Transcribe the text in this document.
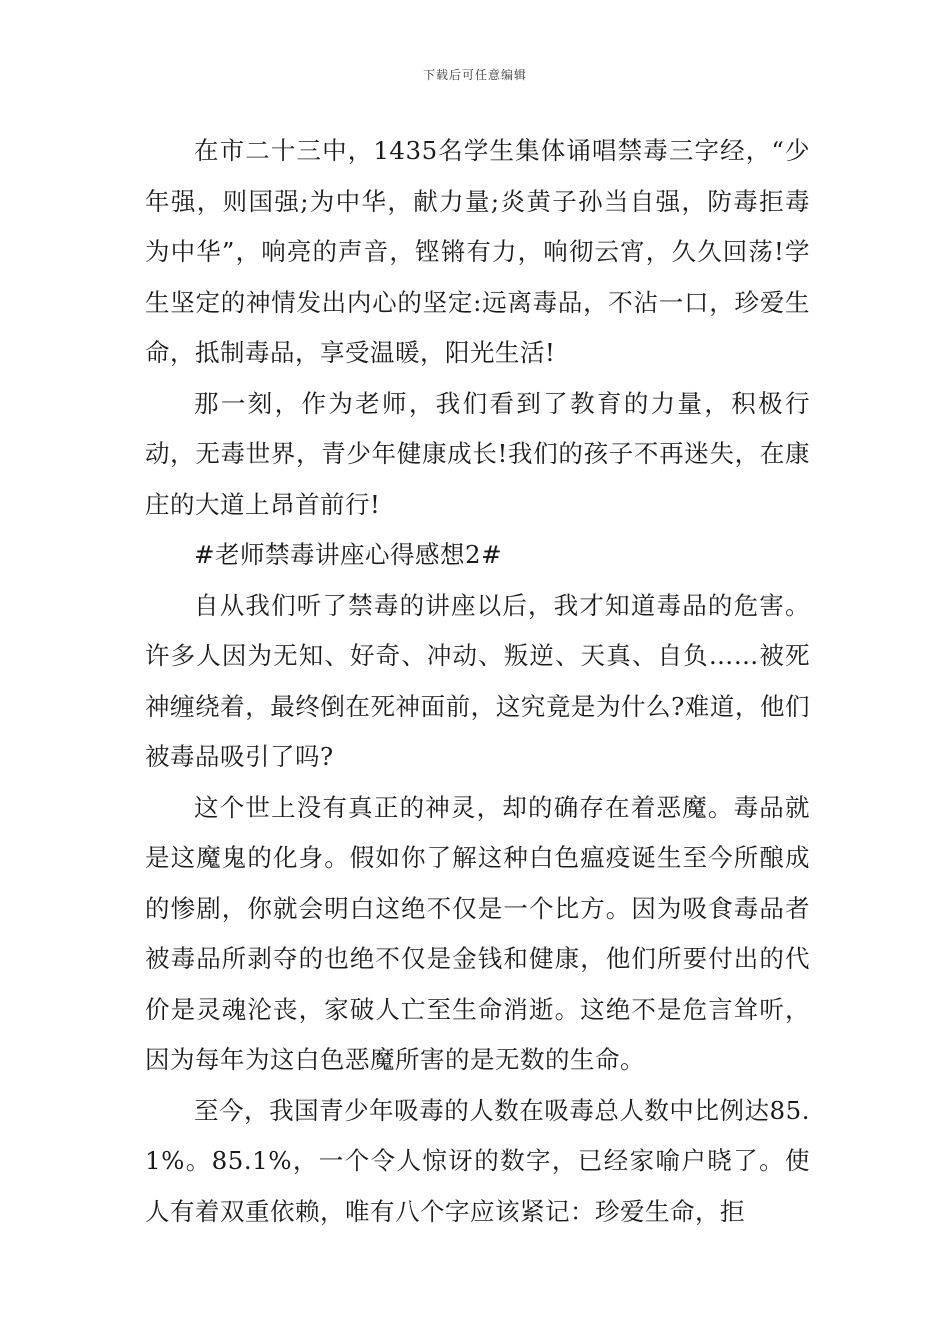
下载后可任意编辑

在市二十三中，1435名学生集体诵唱禁毒三字经，“少年强，则国强;为中华，献力量;炎黄子孙当自强，防毒拒毒为中华”，响亮的声音，铿锵有力，响彻云宵，久久回荡!学生坚定的神情发出内心的坚定:远离毒品，不沾一口，珍爱生命，抵制毒品，享受温暖，阳光生活!

那一刻，作为老师，我们看到了教育的力量，积极行动，无毒世界，青少年健康成长!我们的孩子不再迷失，在康庄的大道上昂首前行!

#老师禁毒讲座心得感想2#

自从我们听了禁毒的讲座以后，我才知道毒品的危害。许多人因为无知、好奇、冲动、叛逆、天真、自负……被死神缠绕着，最终倒在死神面前，这究竟是为什么?难道，他们被毒品吸引了吗?

这个世上没有真正的神灵，却的确存在着恶魔。毒品就是这魔鬼的化身。假如你了解这种白色瘟疫诞生至今所酿成的惨剧，你就会明白这绝不仅是一个比方。因为吸食毒品者被毒品所剥夺的也绝不仅是金钱和健康，他们所要付出的代价是灵魂沦丧，家破人亡至生命消逝。这绝不是危言耸听，因为每年为这白色恶魔所害的是无数的生命。

至今，我国青少年吸毒的人数在吸毒总人数中比例达85.1%。85.1%，一个令人惊讶的数字，已经家喻户晓了。使人有着双重依赖，唯有八个字应该紧记：珍爱生命，拒
